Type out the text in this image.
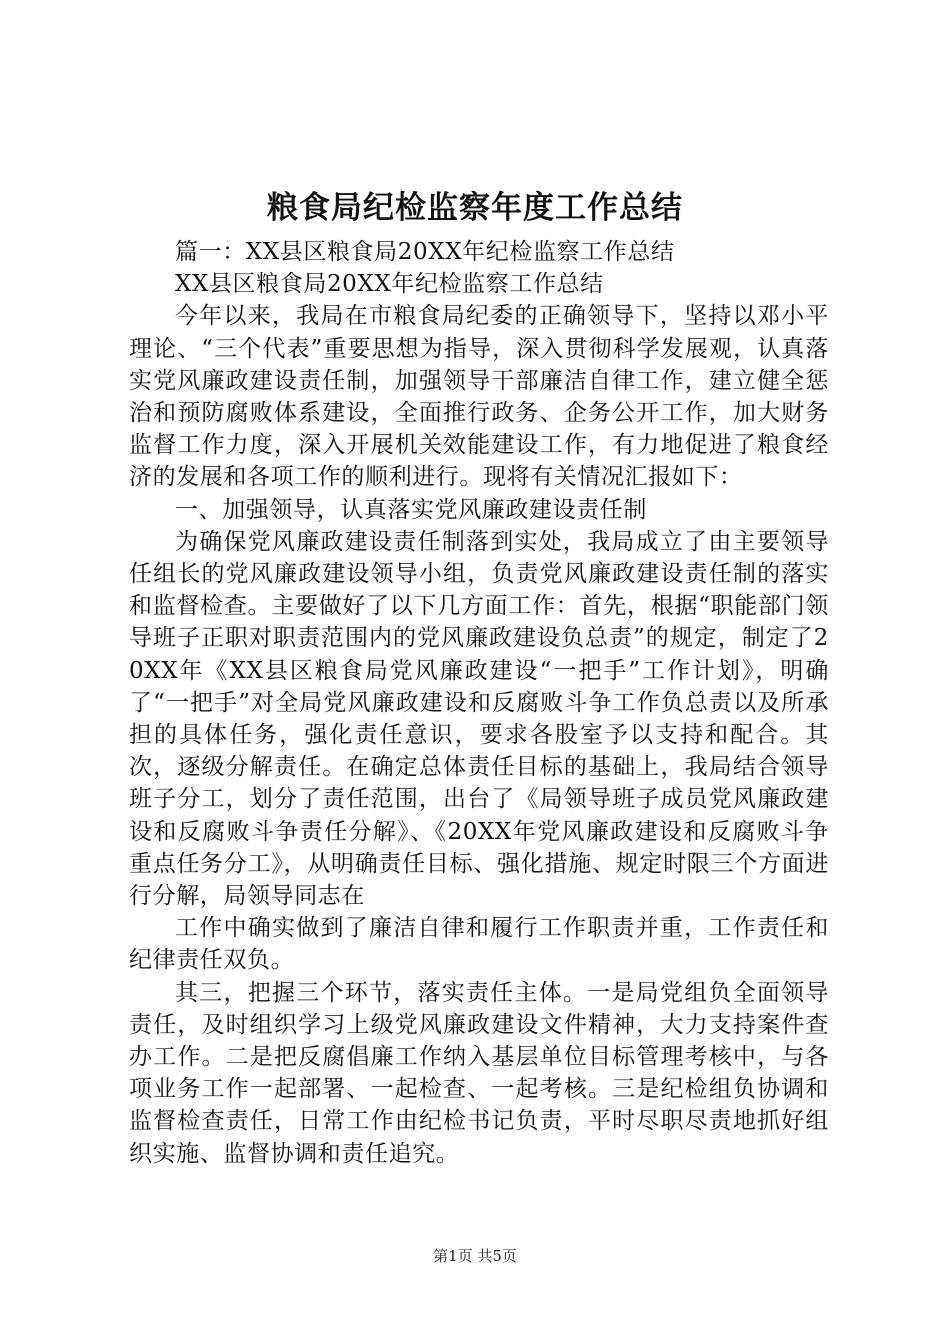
粮食局纪检监察年度工作总结

篇一：XX县区粮食局20XX年纪检监察工作总结

XX县区粮食局20XX年纪检监察工作总结

今年以来，我局在市粮食局纪委的正确领导下，坚持以邓小平理论、“三个代表”重要思想为指导，深入贯彻科学发展观，认真落实党风廉政建设责任制，加强领导干部廉洁自律工作，建立健全惩治和预防腐败体系建设，全面推行政务、企务公开工作，加大财务监督工作力度，深入开展机关效能建设工作，有力地促进了粮食经济的发展和各项工作的顺利进行。现将有关情况汇报如下：

一、加强领导，认真落实党风廉政建设责任制

为确保党风廉政建设责任制落到实处，我局成立了由主要领导任组长的党风廉政建设领导小组，负责党风廉政建设责任制的落实和监督检查。主要做好了以下几方面工作：首先，根据“职能部门领导班子正职对职责范围内的党风廉政建设负总责”的规定，制定了20XX年《XX县区粮食局党风廉政建设“一把手”工作计划》，明确了“一把手”对全局党风廉政建设和反腐败斗争工作负总责以及所承担的具体任务，强化责任意识，要求各股室予以支持和配合。其次，逐级分解责任。在确定总体责任目标的基础上，我局结合领导班子分工，划分了责任范围，出台了《局领导班子成员党风廉政建设和反腐败斗争责任分解》、《20XX年党风廉政建设和反腐败斗争重点任务分工》，从明确责任目标、强化措施、规定时限三个方面进行分解，局领导同志在

工作中确实做到了廉洁自律和履行工作职责并重，工作责任和纪律责任双负。

其三，把握三个环节，落实责任主体。一是局党组负全面领导责任，及时组织学习上级党风廉政建设文件精神，大力支持案件查办工作。二是把反腐倡廉工作纳入基层单位目标管理考核中，与各项业务工作一起部署、一起检查、一起考核。三是纪检组负协调和监督检查责任，日常工作由纪检书记负责，平时尽职尽责地抓好组织实施、监督协调和责任追究。

第1页 共5页
